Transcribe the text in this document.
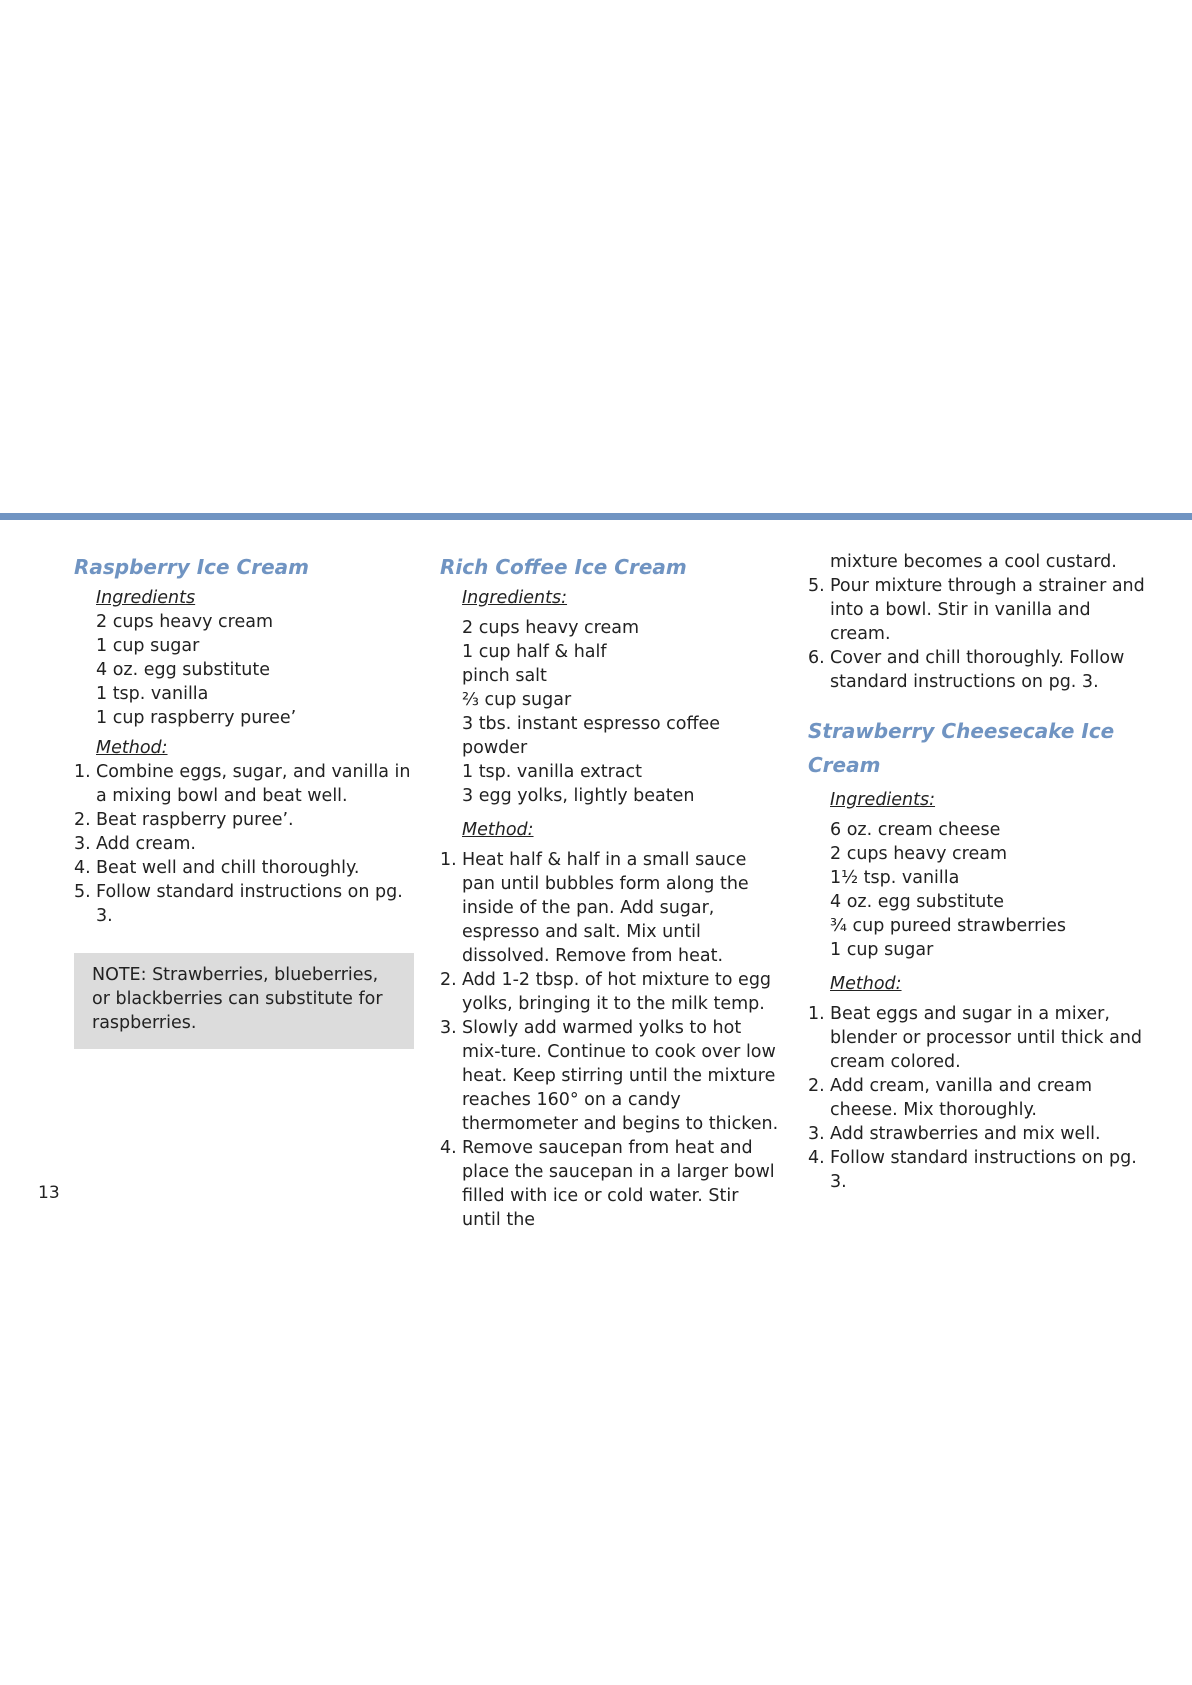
Raspberry Ice Cream
Ingredients
2 cups heavy cream
1 cup sugar
4 oz. egg substitute
1 tsp. vanilla
1 cup raspberry puree’
Method:
1. Combine eggs, sugar, and vanilla in a mixing bowl and beat well.
2. Beat raspberry puree’.
3. Add cream.
4. Beat well and chill thoroughly.
5. Follow standard instructions on pg. 3.
NOTE: Strawberries, blueberries, or blackberries can substitute for raspberries.
Rich Coffee Ice Cream
Ingredients:
2 cups heavy cream
1 cup half & half
pinch salt
⅔ cup sugar
3 tbs. instant espresso coffee powder
1 tsp. vanilla extract
3 egg yolks, lightly beaten
Method:
1. Heat half & half in a small sauce pan until bubbles form along the inside of the pan. Add sugar, espresso and salt. Mix until dissolved. Remove from heat.
2. Add 1-2 tbsp. of hot mixture to egg yolks, bringing it to the milk temp.
3. Slowly add warmed yolks to hot mix-ture. Continue to cook over low heat. Keep stirring until the mixture reaches 160° on a candy thermometer and begins to thicken.
4. Remove saucepan from heat and place the saucepan in a larger bowl filled with ice or cold water. Stir until the
mixture becomes a cool custard.
5. Pour mixture through a strainer and into a bowl. Stir in vanilla and cream.
6. Cover and chill thoroughly. Follow standard instructions on pg. 3.
Strawberry Cheesecake Ice Cream
Ingredients:
6 oz. cream cheese
2 cups heavy cream
1½ tsp. vanilla
4 oz. egg substitute
¾ cup pureed strawberries
1 cup sugar
Method:
1. Beat eggs and sugar in a mixer, blender or processor until thick and cream colored.
2. Add cream, vanilla and cream cheese. Mix thoroughly.
3. Add strawberries and mix well.
4. Follow standard instructions on pg. 3.
13
